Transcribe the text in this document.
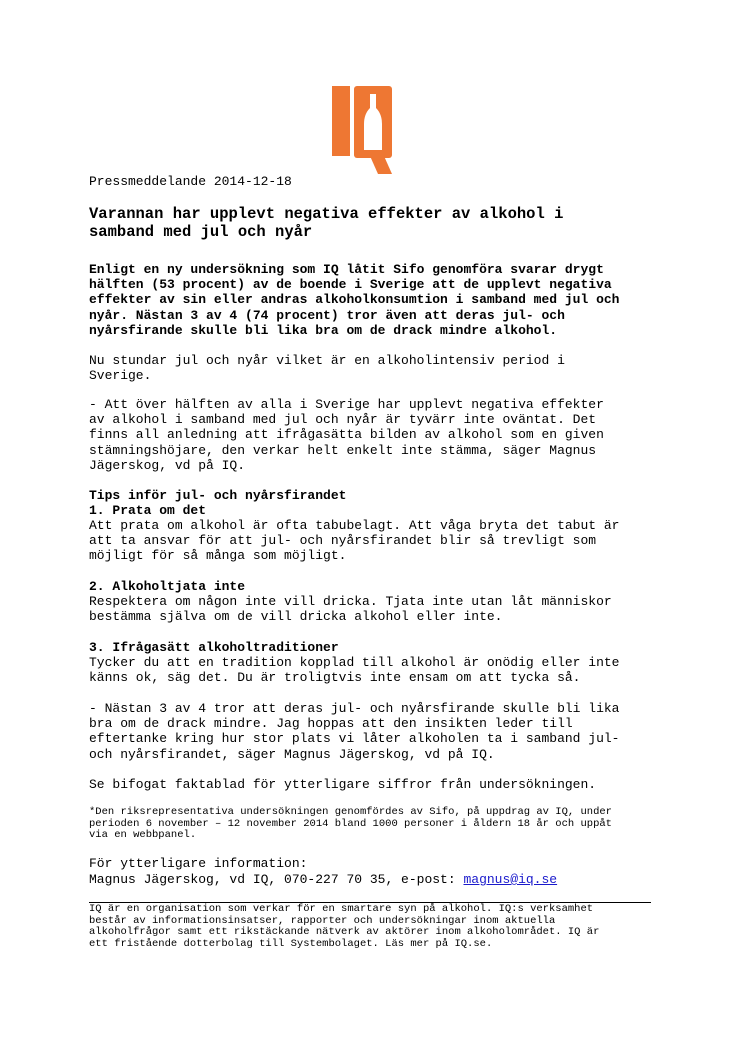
Pressmeddelande 2014-12-18
Varannan har upplevt negativa effekter av alkohol i
samband med jul och nyår
Enligt en ny undersökning som IQ låtit Sifo genomföra svarar drygt
hälften (53 procent) av de boende i Sverige att de upplevt negativa
effekter av sin eller andras alkoholkonsumtion i samband med jul och
nyår. Nästan 3 av 4 (74 procent) tror även att deras jul- och
nyårsfirande skulle bli lika bra om de drack mindre alkohol.
Nu stundar jul och nyår vilket är en alkoholintensiv period i
Sverige.
- Att över hälften av alla i Sverige har upplevt negativa effekter
av alkohol i samband med jul och nyår är tyvärr inte oväntat. Det
finns all anledning att ifrågasätta bilden av alkohol som en given
stämningshöjare, den verkar helt enkelt inte stämma, säger Magnus
Jägerskog, vd på IQ.
Tips inför jul- och nyårsfirandet
1. Prata om det
Att prata om alkohol är ofta tabubelagt. Att våga bryta det tabut är
att ta ansvar för att jul- och nyårsfirandet blir så trevligt som
möjligt för så många som möjligt.
2. Alkoholtjata inte
Respektera om någon inte vill dricka. Tjata inte utan låt människor
bestämma själva om de vill dricka alkohol eller inte.
3. Ifrågasätt alkoholtraditioner
Tycker du att en tradition kopplad till alkohol är onödig eller inte
känns ok, säg det. Du är troligtvis inte ensam om att tycka så.
- Nästan 3 av 4 tror att deras jul- och nyårsfirande skulle bli lika
bra om de drack mindre. Jag hoppas att den insikten leder till
eftertanke kring hur stor plats vi låter alkoholen ta i samband jul-
och nyårsfirandet, säger Magnus Jägerskog, vd på IQ.
Se bifogat faktablad för ytterligare siffror från undersökningen.
*Den riksrepresentativa undersökningen genomfördes av Sifo, på uppdrag av IQ, under
perioden 6 november – 12 november 2014 bland 1000 personer i åldern 18 år och uppåt
via en webbpanel.
För ytterligare information:
Magnus Jägerskog, vd IQ, 070-227 70 35, e-post: magnus@iq.se
IQ är en organisation som verkar för en smartare syn på alkohol. IQ:s verksamhet
består av informationsinsatser, rapporter och undersökningar inom aktuella
alkoholfrågor samt ett rikstäckande nätverk av aktörer inom alkoholområdet. IQ är
ett fristående dotterbolag till Systembolaget. Läs mer på IQ.se.
